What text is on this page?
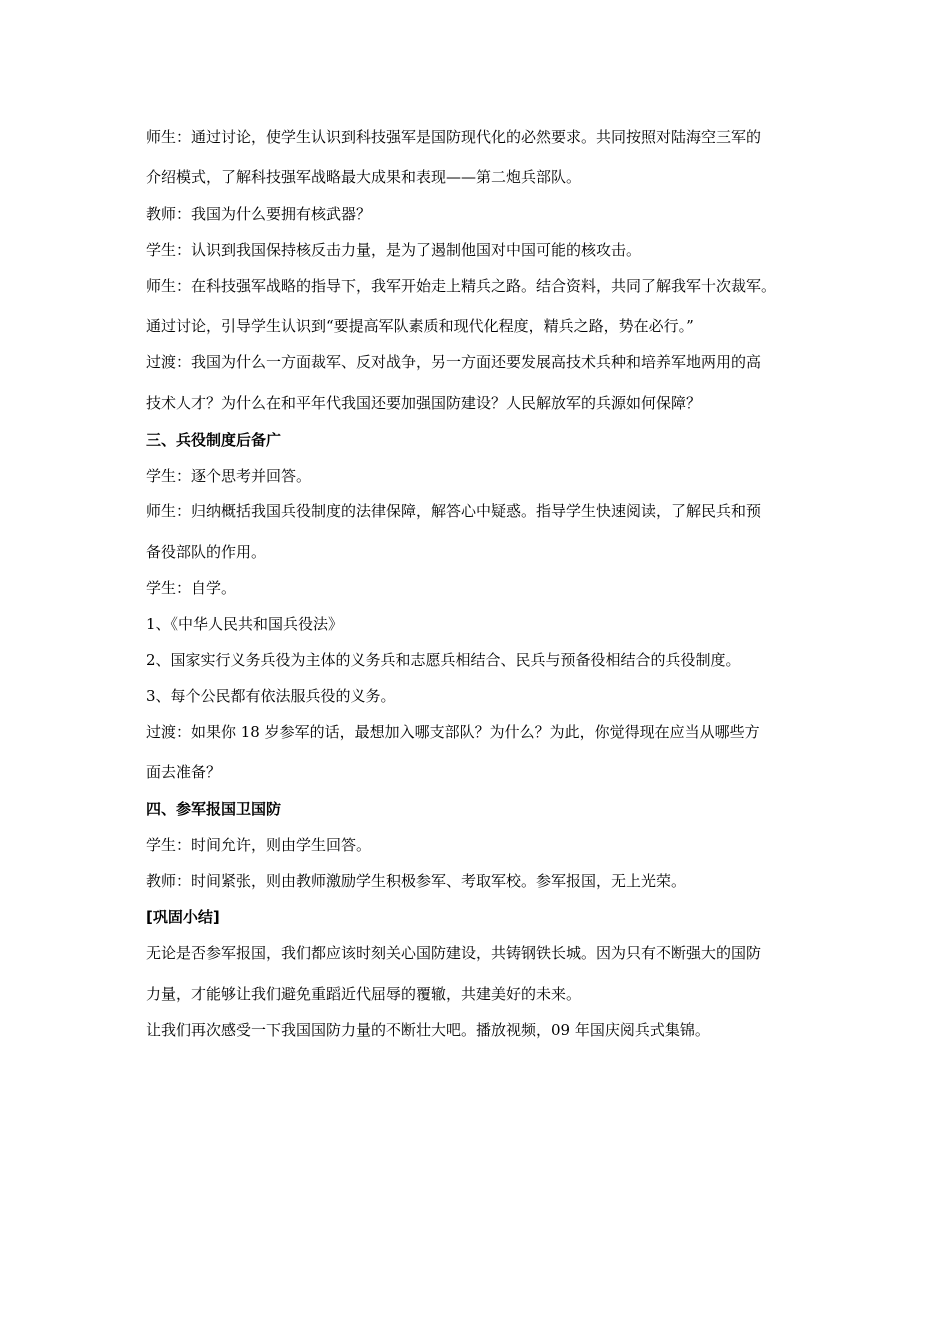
师生：通过讨论，使学生认识到科技强军是国防现代化的必然要求。共同按照对陆海空三军的
介绍模式，了解科技强军战略最大成果和表现——第二炮兵部队。
教师：我国为什么要拥有核武器？
学生：认识到我国保持核反击力量，是为了遏制他国对中国可能的核攻击。
师生：在科技强军战略的指导下，我军开始走上精兵之路。结合资料，共同了解我军十次裁军。
通过讨论，引导学生认识到“要提高军队素质和现代化程度，精兵之路，势在必行。”
过渡：我国为什么一方面裁军、反对战争，另一方面还要发展高技术兵种和培养军地两用的高
技术人才？为什么在和平年代我国还要加强国防建设？人民解放军的兵源如何保障？
三、兵役制度后备广
学生：逐个思考并回答。
师生：归纳概括我国兵役制度的法律保障，解答心中疑惑。指导学生快速阅读，了解民兵和预
备役部队的作用。
学生：自学。
1、《中华人民共和国兵役法》
2、国家实行义务兵役为主体的义务兵和志愿兵相结合、民兵与预备役相结合的兵役制度。
3、每个公民都有依法服兵役的义务。
过渡：如果你 18 岁参军的话，最想加入哪支部队？为什么？为此，你觉得现在应当从哪些方
面去准备？
四、参军报国卫国防
学生：时间允许，则由学生回答。
教师：时间紧张，则由教师激励学生积极参军、考取军校。参军报国，无上光荣。
[巩固小结]
无论是否参军报国，我们都应该时刻关心国防建设，共铸钢铁长城。因为只有不断强大的国防
力量，才能够让我们避免重蹈近代屈辱的覆辙，共建美好的未来。
让我们再次感受一下我国国防力量的不断壮大吧。播放视频，09 年国庆阅兵式集锦。
